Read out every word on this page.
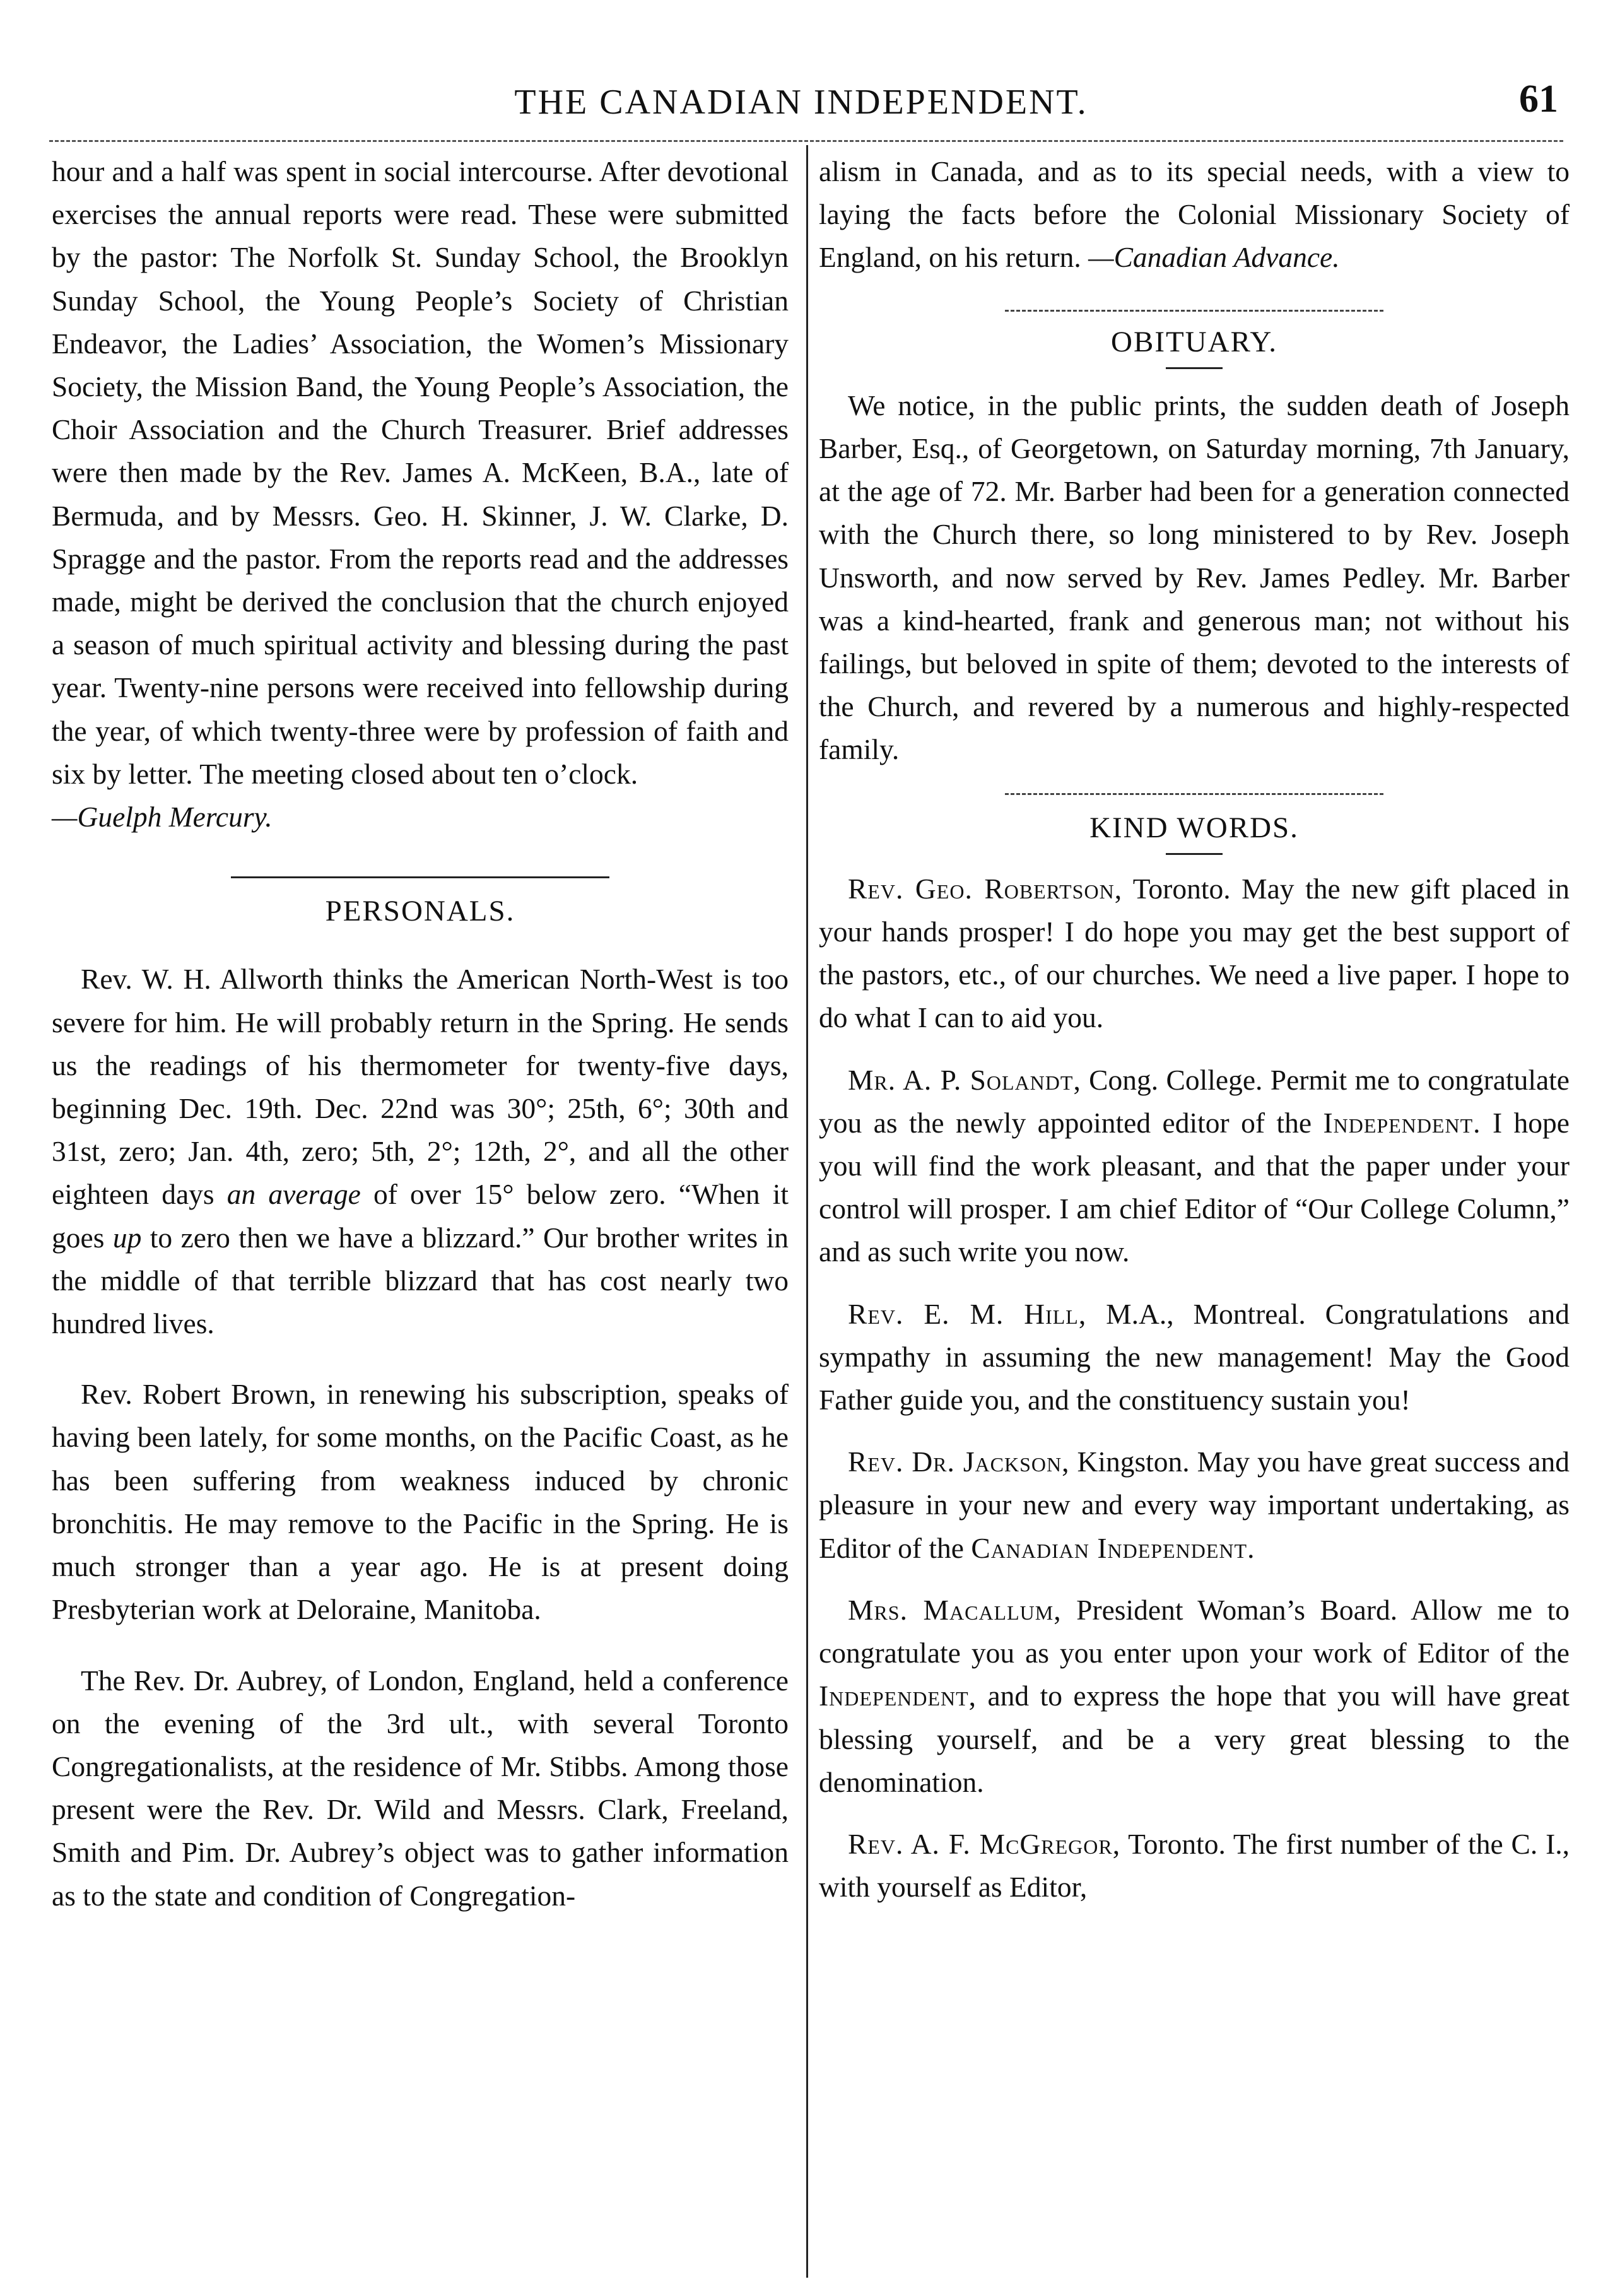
THE CANADIAN INDEPENDENT.	61

hour and a half was spent in social intercourse. After devotional exercises the annual reports were read. These were submitted by the pastor: The Norfolk St. Sunday School, the Brooklyn Sunday School, the Young People’s Society of Christian Endeavor, the Ladies’ Association, the Women’s Missionary Society, the Mission Band, the Young People’s Association, the Choir Association and the Church Treasurer. Brief addresses were then made by the Rev. James A. McKeen, B.A., late of Bermuda, and by Messrs. Geo. H. Skinner, J. W. Clarke, D. Spragge and the pastor. From the reports read and the addresses made, might be derived the conclusion that the church enjoyed a season of much spiritual activity and blessing during the past year. Twenty-nine persons were received into fellowship during the year, of which twenty-three were by profession of faith and six by letter. The meeting closed about ten o’clock.
—Guelph Mercury.

PERSONALS.

Rev. W. H. Allworth thinks the American North-West is too severe for him. He will probably return in the Spring. He sends us the readings of his thermometer for twenty-five days, beginning Dec. 19th. Dec. 22nd was 30°; 25th, 6°; 30th and 31st, zero; Jan. 4th, zero; 5th, 2°; 12th, 2°, and all the other eighteen days an average of over 15° below zero. “When it goes up to zero then we have a blizzard.” Our brother writes in the middle of that terrible blizzard that has cost nearly two hundred lives.

Rev. Robert Brown, in renewing his subscription, speaks of having been lately, for some months, on the Pacific Coast, as he has been suffering from weakness induced by chronic bronchitis. He may remove to the Pacific in the Spring. He is much stronger than a year ago. He is at present doing Presbyterian work at Deloraine, Manitoba.

The Rev. Dr. Aubrey, of London, England, held a conference on the evening of the 3rd ult., with several Toronto Congregationalists, at the residence of Mr. Stibbs. Among those present were the Rev. Dr. Wild and Messrs. Clark, Freeland, Smith and Pim. Dr. Aubrey’s object was to gather information as to the state and condition of Congregation-

alism in Canada, and as to its special needs, with a view to laying the facts before the Colonial Missionary Society of England, on his return. —Canadian Advance.

OBITUARY.

We notice, in the public prints, the sudden death of Joseph Barber, Esq., of Georgetown, on Saturday morning, 7th January, at the age of 72. Mr. Barber had been for a generation connected with the Church there, so long ministered to by Rev. Joseph Unsworth, and now served by Rev. James Pedley. Mr. Barber was a kind-hearted, frank and generous man; not without his failings, but beloved in spite of them; devoted to the interests of the Church, and revered by a numerous and highly-respected family.

KIND WORDS.

Rev. Geo. Robertson, Toronto. May the new gift placed in your hands prosper! I do hope you may get the best support of the pastors, etc., of our churches. We need a live paper. I hope to do what I can to aid you.

Mr. A. P. Solandt, Cong. College. Permit me to congratulate you as the newly appointed editor of the Independent. I hope you will find the work pleasant, and that the paper under your control will prosper. I am chief Editor of “Our College Column,” and as such write you now.

Rev. E. M. Hill, M.A., Montreal. Congratulations and sympathy in assuming the new management! May the Good Father guide you, and the constituency sustain you!

Rev. Dr. Jackson, Kingston. May you have great success and pleasure in your new and every way important undertaking, as Editor of the Canadian Independent.

Mrs. Macallum, President Woman’s Board. Allow me to congratulate you as you enter upon your work of Editor of the Independent, and to express the hope that you will have great blessing yourself, and be a very great blessing to the denomination.

Rev. A. F. McGregor, Toronto. The first number of the C. I., with yourself as Editor,
